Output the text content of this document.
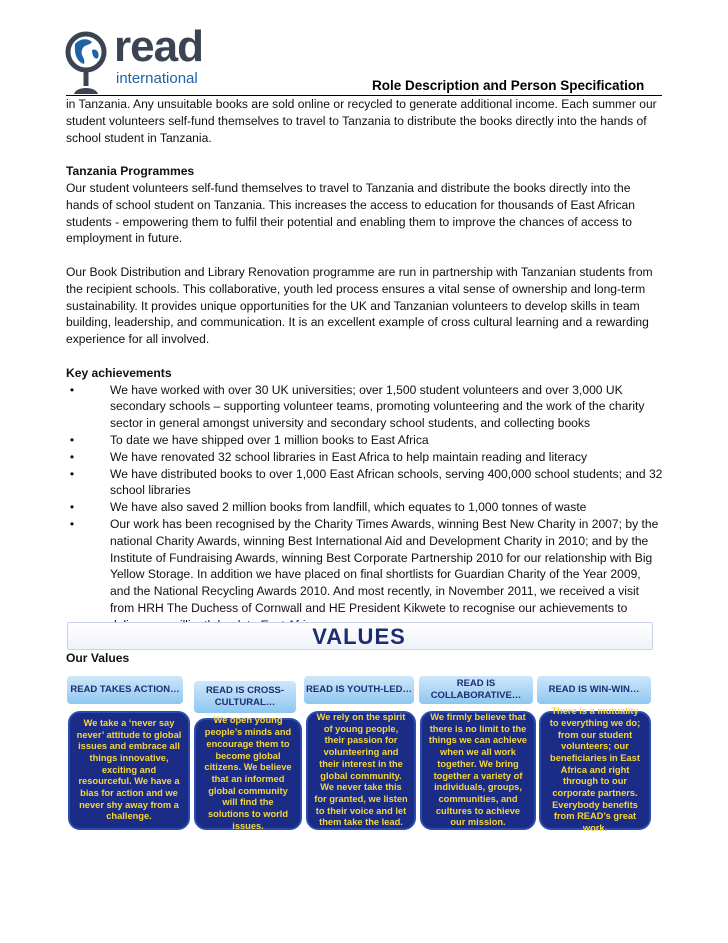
read
international	Role Description and Person Specification

in Tanzania. Any unsuitable books are sold online or recycled to generate additional income. Each summer our student volunteers self-fund themselves to travel to Tanzania to distribute the books directly into the hands of school student in Tanzania.

Tanzania Programmes

Our student volunteers self-fund themselves to travel to Tanzania and distribute the books directly into the hands of school student on Tanzania. This increases the access to education for thousands of East African students - empowering them to fulfil their potential and enabling them to improve the chances of access to employment in future.

Our Book Distribution and Library Renovation programme are run in partnership with Tanzanian students from the recipient schools. This collaborative, youth led process ensures a vital sense of ownership and long-term sustainability. It provides unique opportunities for the UK and Tanzanian volunteers to develop skills in team building, leadership, and communication. It is an excellent example of cross cultural learning and a rewarding experience for all involved.

Key achievements
•	We have worked with over 30 UK universities; over 1,500 student volunteers and over 3,000 UK secondary schools – supporting volunteer teams, promoting volunteering and the work of the charity sector in general amongst university and secondary school students, and collecting books
•	To date we have shipped over 1 million books to East Africa
•	We have renovated 32 school libraries in East Africa to help maintain reading and literacy
•	We have distributed books to over 1,000 East African schools, serving 400,000 school students; and 32 school libraries
•	We have also saved 2 million books from landfill, which equates to 1,000 tonnes of waste
•	Our work has been recognised by the Charity Times Awards, winning Best New Charity in 2007; by the national Charity Awards, winning Best International Aid and Development Charity in 2010; and by the Institute of Fundraising Awards, winning Best Corporate Partnership 2010 for our relationship with Big Yellow Storage. In addition we have placed on final shortlists for Guardian Charity of the Year 2009, and the National Recycling Awards 2010. And most recently, in November 2011, we received a visit from HRH The Duchess of Cornwall and HE President Kikwete to recognise our achievements to
Our Values
VALUES
READ TAKES ACTION…	READ IS CROSS-CULTURAL…
READ IS YOUTH-LED…
READ IS COLLABORATIVE…
READ IS WIN-WIN…
We take a ‘never say never’ attitude to global issues and embrace all things innovative, exciting and resourceful. We have a bias for action and we never shy away from a challenge.
We open young people’s minds and encourage them to become global citizens. We believe that an informed global community will find the solutions to world issues.
We rely on the spirit of young people, their passion for volunteering and their interest in the global community. We never take this for granted, we listen to their voice and let them take the lead.
We firmly believe that there is no limit to the things we can achieve when we all work together. We bring together a variety of individuals, groups, communities, and cultures to achieve our mission.
There is a mutuality to everything we do; from our student volunteers; our beneficiaries in East Africa and right through to our corporate partners. Everybody benefits from READ’s great work.
